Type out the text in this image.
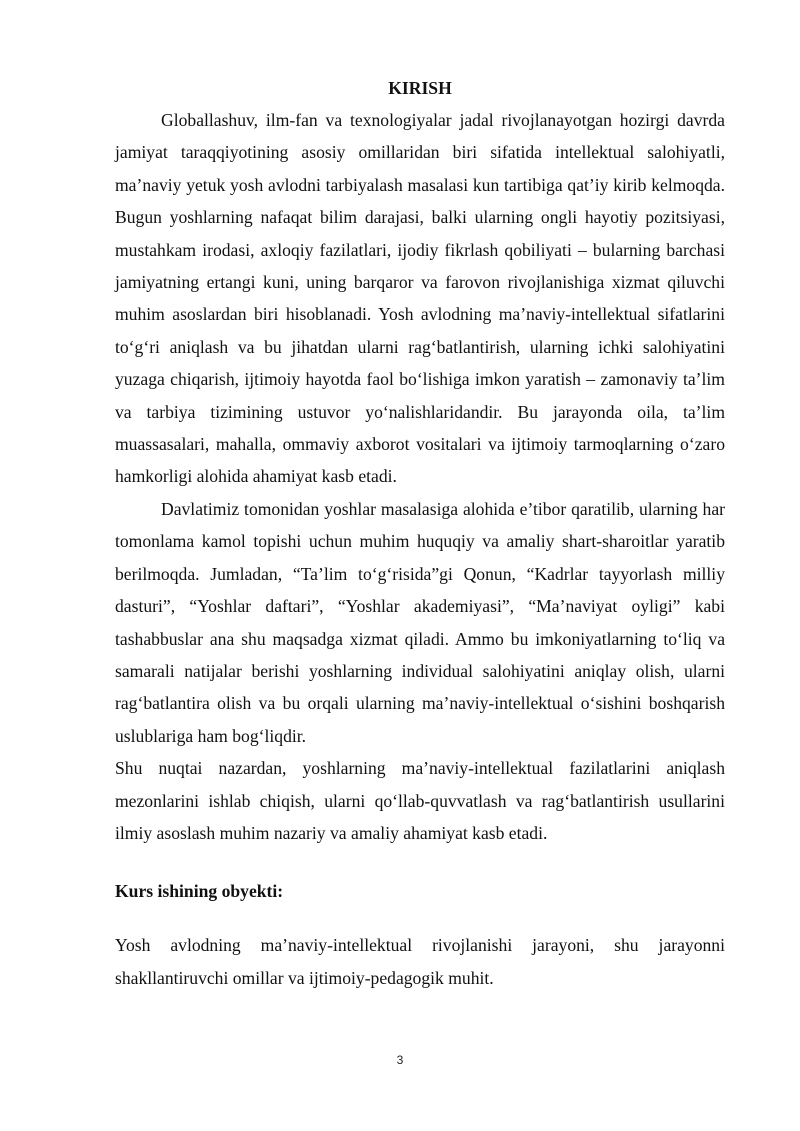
KIRISH

Globallashuv, ilm-fan va texnologiyalar jadal rivojlanayotgan hozirgi davrda jamiyat taraqqiyotining asosiy omillaridan biri sifatida intellektual salohiyatli, ma’naviy yetuk yosh avlodni tarbiyalash masalasi kun tartibiga qat’iy kirib kelmoqda. Bugun yoshlarning nafaqat bilim darajasi, balki ularning ongli hayotiy pozitsiyasi, mustahkam irodasi, axloqiy fazilatlari, ijodiy fikrlash qobiliyati – bularning barchasi jamiyatning ertangi kuni, uning barqaror va farovon rivojlanishiga xizmat qiluvchi muhim asoslardan biri hisoblanadi. Yosh avlodning ma’naviy-intellektual sifatlarini to‘g‘ri aniqlash va bu jihatdan ularni rag‘batlantirish, ularning ichki salohiyatini yuzaga chiqarish, ijtimoiy hayotda faol bo‘lishiga imkon yaratish – zamonaviy ta’lim va tarbiya tizimining ustuvor yo‘nalishlaridandir. Bu jarayonda oila, ta’lim muassasalari, mahalla, ommaviy axborot vositalari va ijtimoiy tarmoqlarning o‘zaro hamkorligi alohida ahamiyat kasb etadi.

Davlatimiz tomonidan yoshlar masalasiga alohida e’tibor qaratilib, ularning har tomonlama kamol topishi uchun muhim huquqiy va amaliy shart-sharoitlar yaratib berilmoqda. Jumladan, “Ta’lim to‘g‘risida”gi Qonun, “Kadrlar tayyorlash milliy dasturi”, “Yoshlar daftari”, “Yoshlar akademiyasi”, “Ma’naviyat oyligi” kabi tashabbuslar ana shu maqsadga xizmat qiladi. Ammo bu imkoniyatlarning to‘liq va samarali natijalar berishi yoshlarning individual salohiyatini aniqlay olish, ularni rag‘batlantira olish va bu orqali ularning ma’naviy-intellektual o‘sishini boshqarish uslublariga ham bog‘liqdir.

Shu nuqtai nazardan, yoshlarning ma’naviy-intellektual fazilatlarini aniqlash mezonlarini ishlab chiqish, ularni qo‘llab-quvvatlash va rag‘batlantirish usullarini ilmiy asoslash muhim nazariy va amaliy ahamiyat kasb etadi.

Kurs ishining obyekti:

Yosh avlodning ma’naviy-intellektual rivojlanishi jarayoni, shu jarayonni shakllantiruvchi omillar va ijtimoiy-pedagogik muhit.

3
